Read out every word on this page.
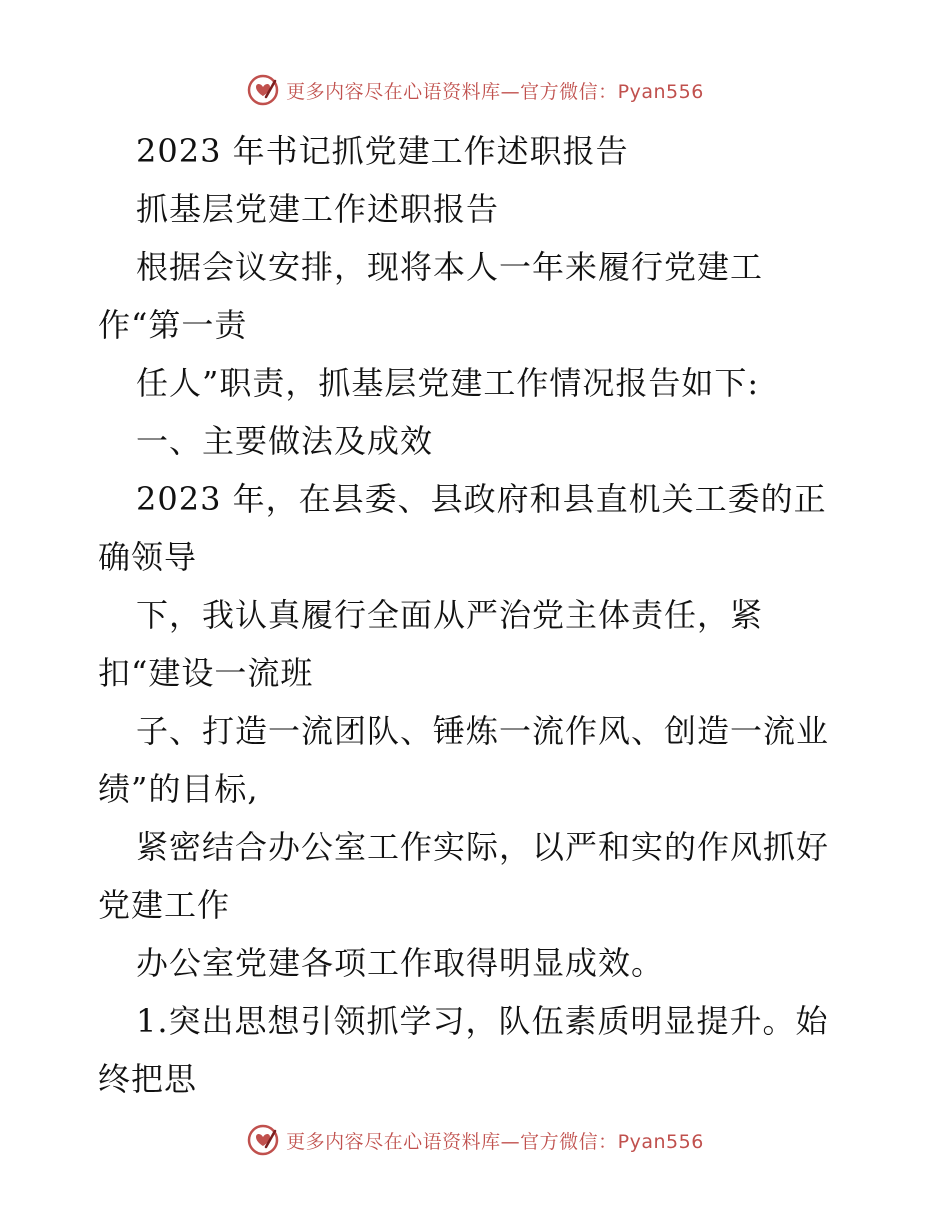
更多内容尽在心语资料库—官方微信：Pyan556
2023 年书记抓党建工作述职报告
抓基层党建工作述职报告
根据会议安排，现将本人一年来履行党建工
作“第一责
任人”职责，抓基层党建工作情况报告如下:
一、主要做法及成效
2023 年，在县委、县政府和县直机关工委的正
确领导
下，我认真履行全面从严治党主体责任，紧
扣“建设一流班
子、打造一流团队、锤炼一流作风、创造一流业
绩”的目标,
紧密结合办公室工作实际，以严和实的作风抓好
党建工作
办公室党建各项工作取得明显成效。
1.突出思想引领抓学习，队伍素质明显提升。始
终把思
更多内容尽在心语资料库—官方微信：Pyan556
